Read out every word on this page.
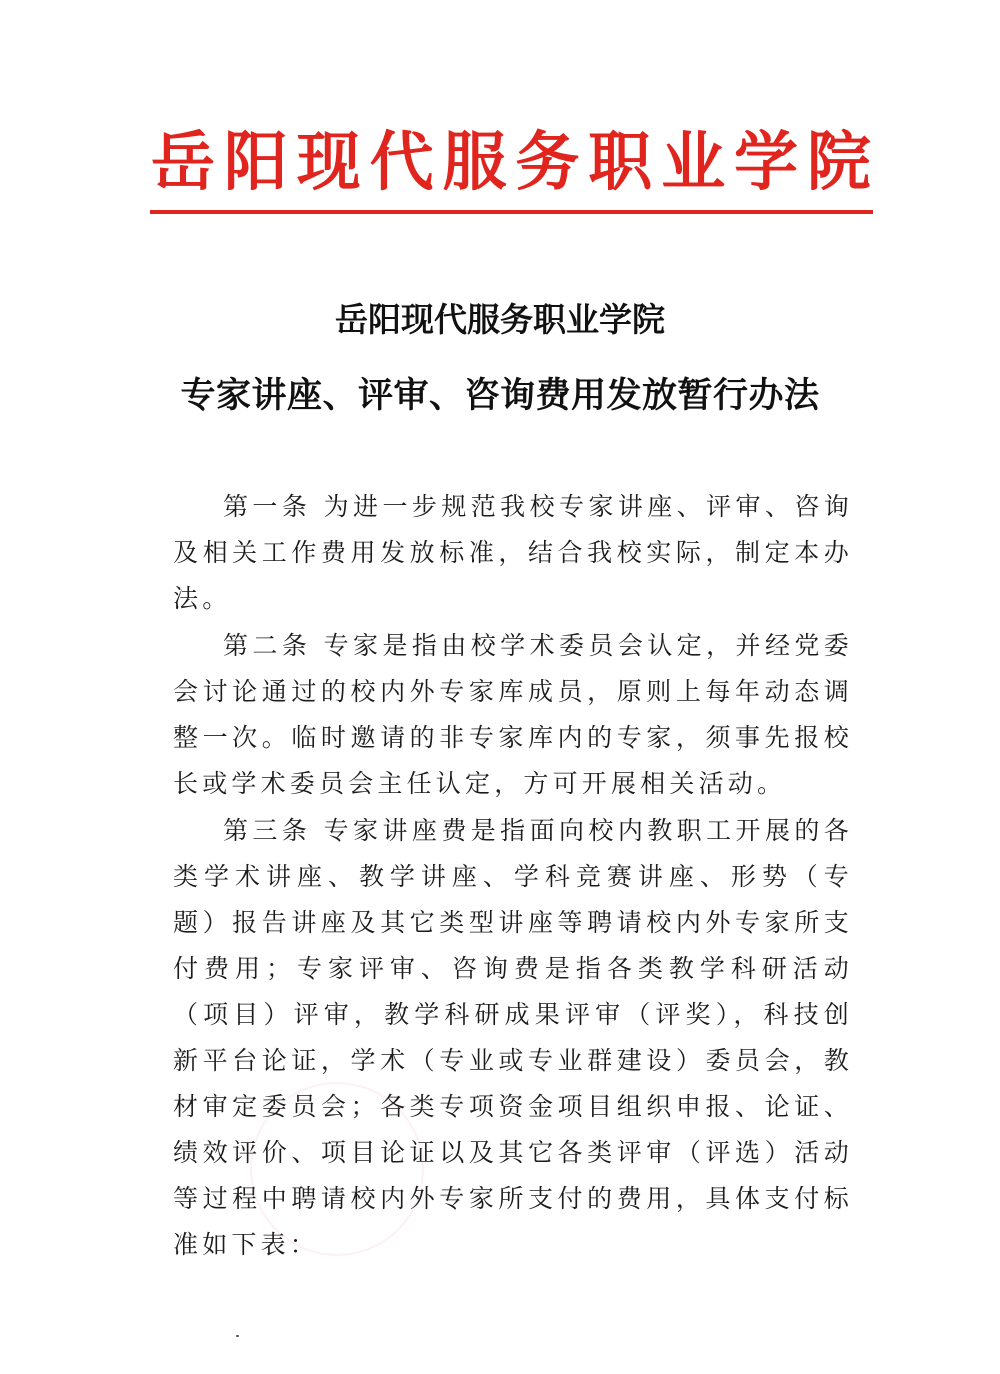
岳 阳 现 代 服 务 职 业 学 院
岳阳现代服务职业学院
专家讲座、评审、咨询费用发放暂行办法

第一条 为进一步规范我校专家讲座、评审、咨询及相关工作费用发放标准，结合我校实际，制定本办法。

第二条 专家是指由校学术委员会认定，并经党委会讨论通过的校内外专家库成员，原则上每年动态调整一次。临时邀请的非专家库内的专家，须事先报校长或学术委员会主任认定，方可开展相关活动。

第三条 专家讲座费是指面向校内教职工开展的各类学术讲座、教学讲座、学科竞赛讲座、形势（专题）报告讲座及其它类型讲座等聘请校内外专家所支付费用；专家评审、咨询费是指各类教学科研活动（项目）评审，教学科研成果评审（评奖），科技创新平台论证，学术（专业或专业群建设）委员会，教材审定委员会；各类专项资金项目组织申报、论证、绩效评价、项目论证以及其它各类评审（评选）活动等过程中聘请校内外专家所支付的费用，具体支付标准如下表：
